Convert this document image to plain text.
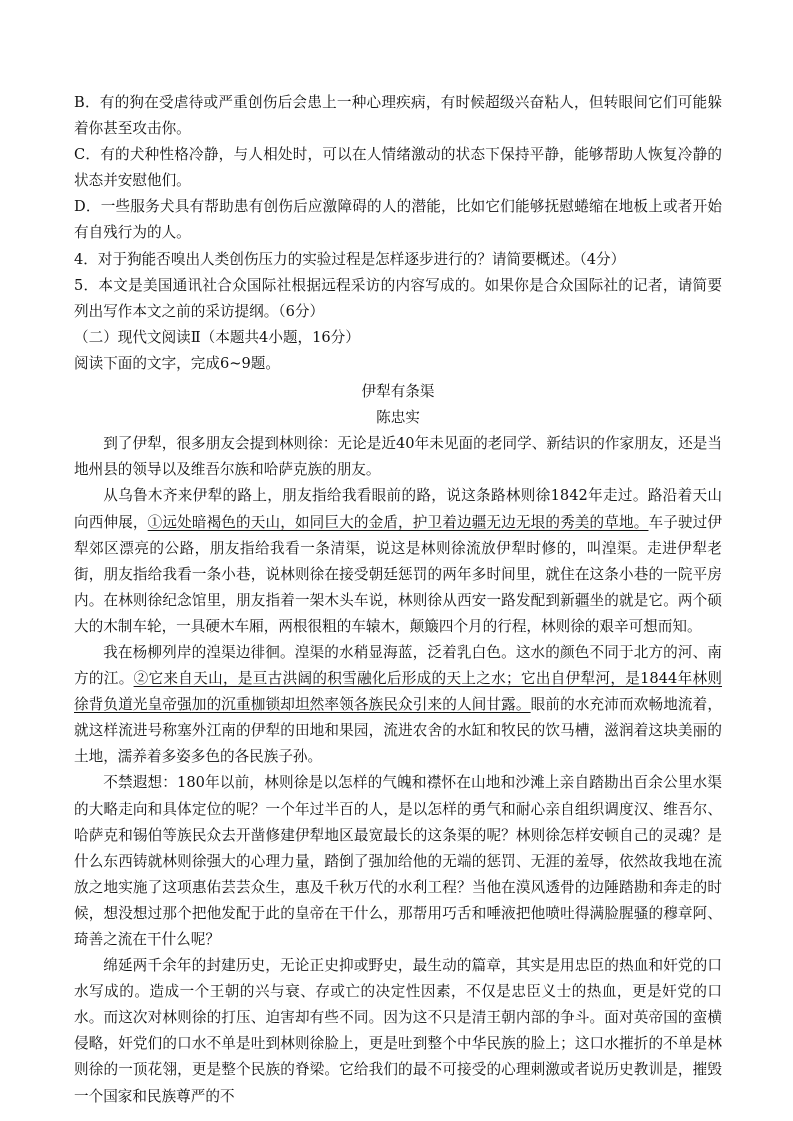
B．有的狗在受虐待或严重创伤后会患上一种心理疾病，有时候超级兴奋粘人，但转眼间它们可能躲着你甚至攻击你。

C．有的犬种性格冷静，与人相处时，可以在人情绪激动的状态下保持平静，能够帮助人恢复冷静的状态并安慰他们。

D．一些服务犬具有帮助患有创伤后应激障碍的人的潜能，比如它们能够抚慰蜷缩在地板上或者开始有自残行为的人。

4．对于狗能否嗅出人类创伤压力的实验过程是怎样逐步进行的？请简要概述。（4分）

5．本文是美国通讯社合众国际社根据远程采访的内容写成的。如果你是合众国际社的记者，请简要列出写作本文之前的采访提纲。（6分）

（二）现代文阅读Ⅱ（本题共4小题，16分）

阅读下面的文字，完成6~9题。

伊犁有条渠

陈忠实

到了伊犁，很多朋友会提到林则徐：无论是近40年未见面的老同学、新结识的作家朋友，还是当地州县的领导以及维吾尔族和哈萨克族的朋友。

从乌鲁木齐来伊犁的路上，朋友指给我看眼前的路，说这条路林则徐1842年走过。路沿着天山向西伸展，①远处暗褐色的天山，如同巨大的金盾，护卫着边疆无边无垠的秀美的草地。车子驶过伊犁郊区漂亮的公路，朋友指给我看一条清渠，说这是林则徐流放伊犁时修的，叫湟渠。走进伊犁老街，朋友指给我看一条小巷，说林则徐在接受朝廷惩罚的两年多时间里，就住在这条小巷的一院平房内。在林则徐纪念馆里，朋友指着一架木头车说，林则徐从西安一路发配到新疆坐的就是它。两个硕大的木制车轮，一具硬木车厢，两根很粗的车辕木，颠簸四个月的行程，林则徐的艰辛可想而知。

我在杨柳列岸的湟渠边徘徊。湟渠的水稍显海蓝，泛着乳白色。这水的颜色不同于北方的河、南方的江。②它来自天山，是亘古洪阔的积雪融化后形成的天上之水；它出自伊犁河，是1844年林则徐背负道光皇帝强加的沉重枷锁却坦然率领各族民众引来的人间甘露。眼前的水充沛而欢畅地流着，就这样流进号称塞外江南的伊犁的田地和果园，流进农舍的水缸和牧民的饮马槽，滋润着这块美丽的土地，濡养着多姿多色的各民族子孙。

不禁遐想：180年以前，林则徐是以怎样的气魄和襟怀在山地和沙滩上亲自踏勘出百余公里水渠的大略走向和具体定位的呢？一个年过半百的人，是以怎样的勇气和耐心亲自组织调度汉、维吾尔、哈萨克和锡伯等族民众去开凿修建伊犁地区最宽最长的这条渠的呢？林则徐怎样安顿自己的灵魂？是什么东西铸就林则徐强大的心理力量，踏倒了强加给他的无端的惩罚、无涯的羞辱，依然故我地在流放之地实施了这项惠佑芸芸众生，惠及千秋万代的水利工程？当他在漠风透骨的边陲踏勘和奔走的时候，想没想过那个把他发配于此的皇帝在干什么，那帮用巧舌和唾液把他喷吐得满脸腥骚的穆章阿、琦善之流在干什么呢？

绵延两千余年的封建历史，无论正史抑或野史，最生动的篇章，其实是用忠臣的热血和奸党的口水写成的。造成一个王朝的兴与衰、存或亡的决定性因素，不仅是忠臣义士的热血，更是奸党的口水。而这次对林则徐的打压、迫害却有些不同。因为这不只是清王朝内部的争斗。面对英帝国的蛮横侵略，奸党们的口水不单是吐到林则徐脸上，更是吐到整个中华民族的脸上；这口水摧折的不单是林则徐的一顶花翎，更是整个民族的脊梁。它给我们的最不可接受的心理刺激或者说历史教训是，摧毁一个国家和民族尊严的不
